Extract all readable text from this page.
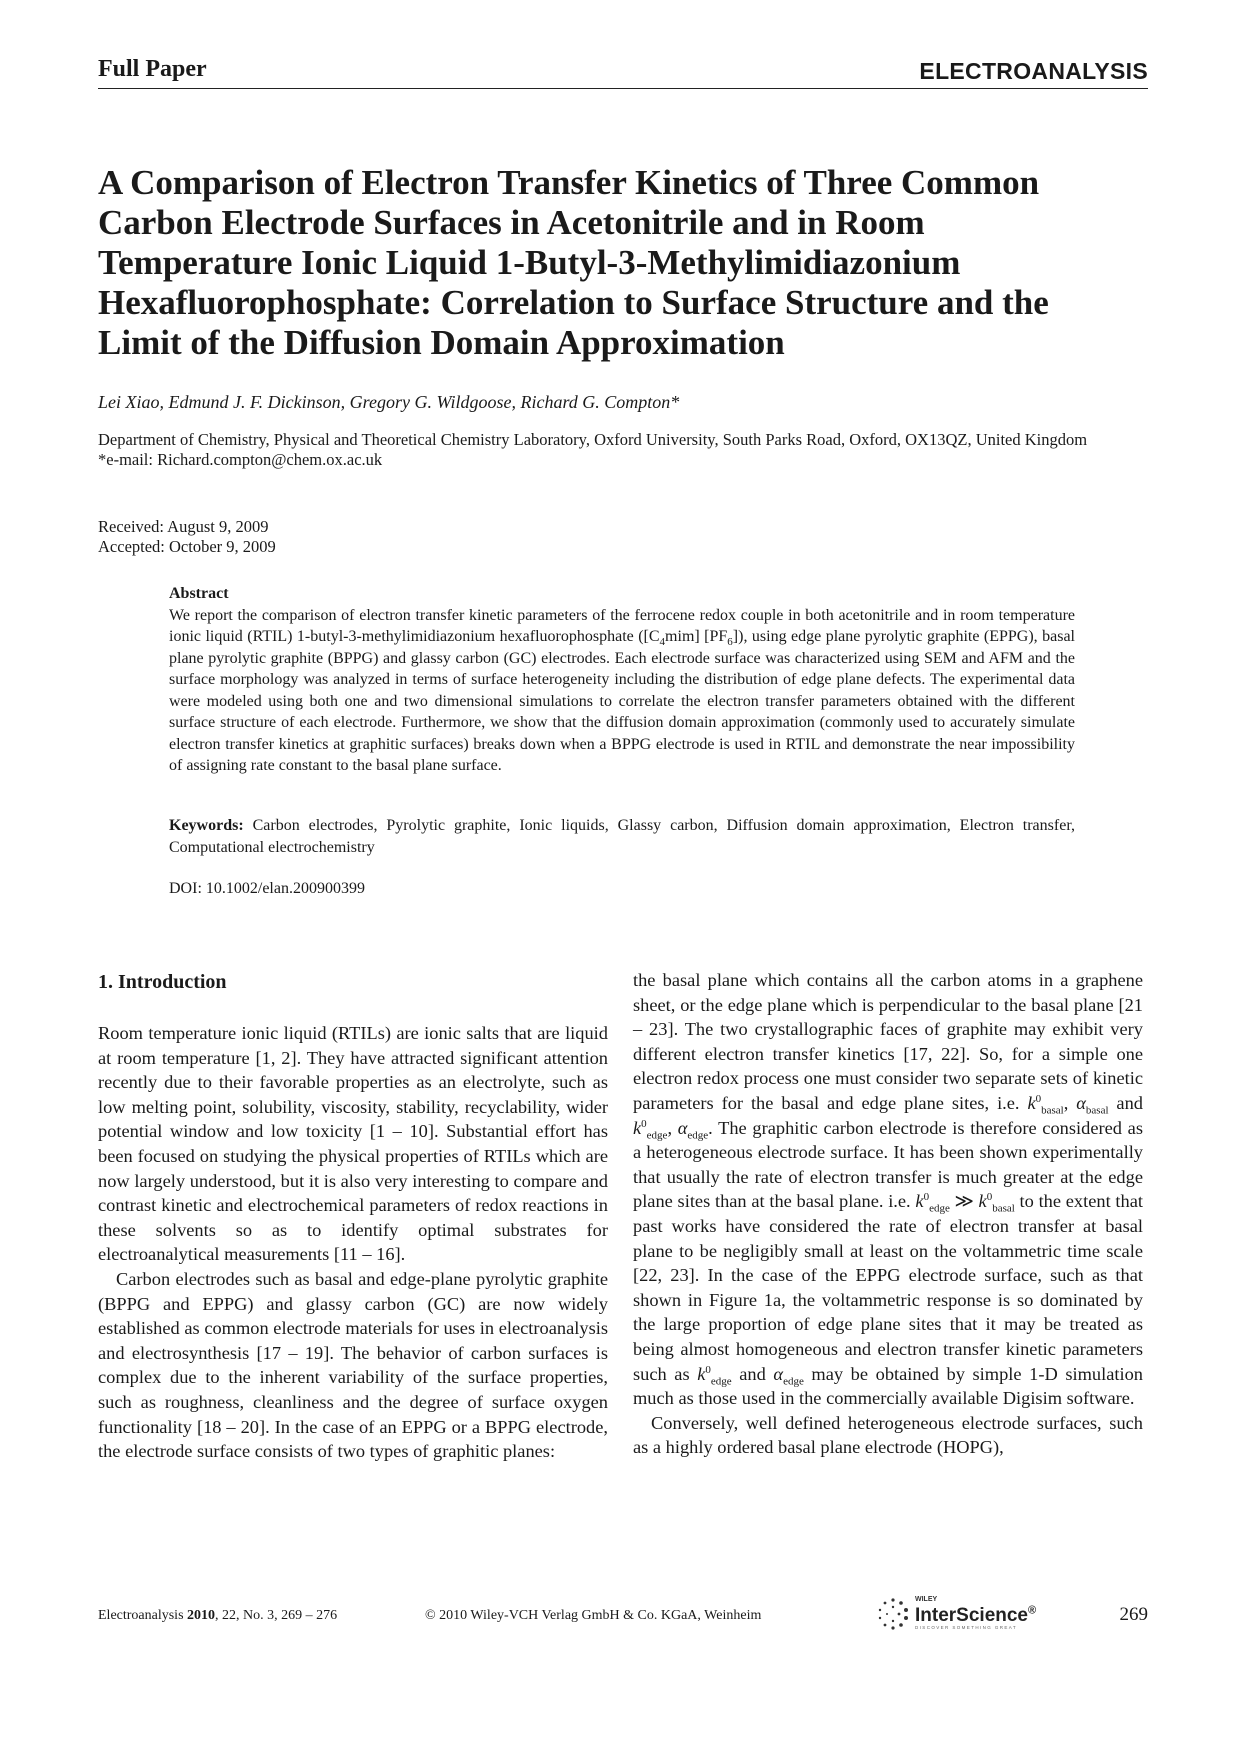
Full Paper	ELECTROANALYSIS
A Comparison of Electron Transfer Kinetics of Three Common
Carbon Electrode Surfaces in Acetonitrile and in Room
Temperature Ionic Liquid 1-Butyl-3-Methylimidiazonium
Hexafluorophosphate: Correlation to Surface Structure and the
Limit of the Diffusion Domain Approximation
Lei Xiao, Edmund J. F. Dickinson, Gregory G. Wildgoose, Richard G. Compton*
Department of Chemistry, Physical and Theoretical Chemistry Laboratory, Oxford University, South Parks Road, Oxford, OX13QZ, United Kingdom
*e-mail: Richard.compton@chem.ox.ac.uk
Received: August 9, 2009
Accepted: October 9, 2009
Abstract
We report the comparison of electron transfer kinetic parameters of the ferrocene redox couple in both acetonitrile and in room temperature ionic liquid (RTIL) 1-butyl-3-methylimidiazonium hexafluorophosphate ($[C_4mim]$ $[PF_6]$), using edge plane pyrolytic graphite (EPPG), basal plane pyrolytic graphite (BPPG) and glassy carbon (GC) electrodes. Each electrode surface was characterized using SEM and AFM and the surface morphology was analyzed in terms of surface heterogeneity including the distribution of edge plane defects. The experimental data were modeled using both one and two dimensional simulations to correlate the electron transfer parameters obtained with the different surface structure of each electrode. Furthermore, we show that the diffusion domain approximation (commonly used to accurately simulate electron transfer kinetics at graphitic surfaces) breaks down when a BPPG electrode is used in RTIL and demonstrate the near impossibility of assigning rate constant to the basal plane surface.
Keywords: Carbon electrodes, Pyrolytic graphite, Ionic liquids, Glassy carbon, Diffusion domain approximation, Electron transfer, Computational electrochemistry
DOI: 10.1002/elan.200900399

1. Introduction

Room temperature ionic liquid (RTILs) are ionic salts that are liquid at room temperature [1, 2]. They have attracted significant attention recently due to their favorable properties as an electrolyte, such as low melting point, solubility, viscosity, stability, recyclability, wider potential window and low toxicity [1 – 10]. Substantial effort has been focused on studying the physical properties of RTILs which are now largely understood, but it is also very interesting to compare and contrast kinetic and electrochemical parameters of redox reactions in these solvents so as to identify optimal substrates for electroanalytical measurements [11 – 16].

Carbon electrodes such as basal and edge-plane pyrolytic graphite (BPPG and EPPG) and glassy carbon (GC) are now widely established as common electrode materials for uses in electroanalysis and electrosynthesis [17 – 19]. The behavior of carbon surfaces is complex due to the inherent variability of the surface properties, such as roughness, cleanliness and the degree of surface oxygen functionality [18 – 20]. In the case of an EPPG or a BPPG electrode, the electrode surface consists of two types of graphitic planes:

the basal plane which contains all the carbon atoms in a graphene sheet, or the edge plane which is perpendicular to the basal plane [21 – 23]. The two crystallographic faces of graphite may exhibit very different electron transfer kinetics [17, 22]. So, for a simple one electron redox process one must consider two separate sets of kinetic parameters for the basal and edge plane sites, i.e. $k^0_{basal}$, $\alpha_{basal}$ and $k^0_{edge}$, $\alpha_{edge}$. The graphitic carbon electrode is therefore considered as a heterogeneous electrode surface. It has been shown experimentally that usually the rate of electron transfer is much greater at the edge plane sites than at the basal plane. i.e. $k^0_{edge}$ ≫ $k^0_{basal}$ to the extent that past works have considered the rate of electron transfer at basal plane to be negligibly small at least on the voltammetric time scale [22, 23]. In the case of the EPPG electrode surface, such as that shown in Figure 1a, the voltammetric response is so dominated by the large proportion of edge plane sites that it may be treated as being almost homogeneous and electron transfer kinetic parameters such as $k^0_{edge}$ and $\alpha_{edge}$ may be obtained by simple 1-D simulation much as those used in the commercially available Digisim software.

Conversely, well defined heterogeneous electrode surfaces, such as a highly ordered basal plane electrode (HOPG),

Electroanalysis 2010, 22, No. 3, 269 – 276	© 2010 Wiley-VCH Verlag GmbH & Co. KGaA, Weinheim
WILEY
InterScience®
DISCOVER SOMETHING GREAT
269
